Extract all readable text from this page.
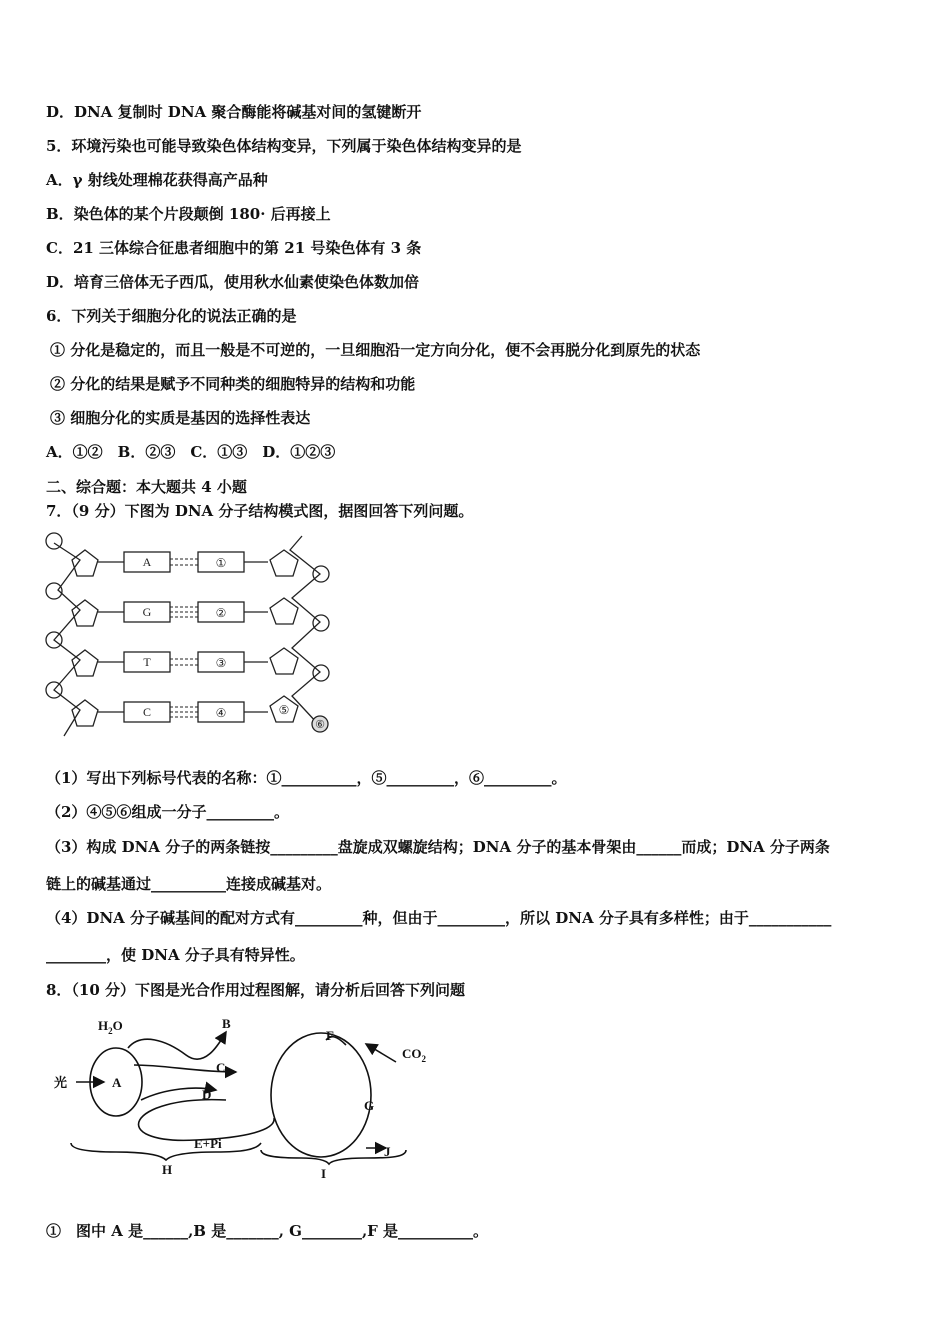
D．DNA 复制时 DNA 聚合酶能将碱基对间的氢键断开
5．环境污染也可能导致染色体结构变异，下列属于染色体结构变异的是
A．γ 射线处理棉花获得高产品种
B．染色体的某个片段颠倒 180· 后再接上
C．21 三体综合征患者细胞中的第 21 号染色体有 3 条
D．培育三倍体无子西瓜，使用秋水仙素使染色体数加倍
6．下列关于细胞分化的说法正确的是
① 分化是稳定的，而且一般是不可逆的，一旦细胞沿一定方向分化，便不会再脱分化到原先的状态
② 分化的结果是赋予不同种类的细胞特异的结构和功能
③ 细胞分化的实质是基因的选择性表达
A．①②　B．②③　C．①③　D．①②③
二、综合题：本大题共 4 小题
7．（9 分）下图为 DNA 分子结构模式图，据图回答下列问题。
A
G
T
C
①
②
③
④	⑤
⑥
（1）写出下列标号代表的名称：①__________，⑤_________，⑥_________。
（2）④⑤⑥组成一分子_________。
（3）构成 DNA 分子的两条链按_________盘旋成双螺旋结构；DNA 分子的基本骨架由______而成；DNA 分子两条
链上的碱基通过__________连接成碱基对。
（4）DNA 分子碱基间的配对方式有_________种，但由于_________，所以 DNA 分子具有多样性；由于___________
________，使 DNA 分子具有特异性。
8．（10 分）下图是光合作用过程图解，请分析后回答下列问题
$H_2O$	B
光	A
C
D
E+Pi
F
$CO_2$
G
J
H	I
①　图中 A 是______,B 是_______, G________,F 是__________。
